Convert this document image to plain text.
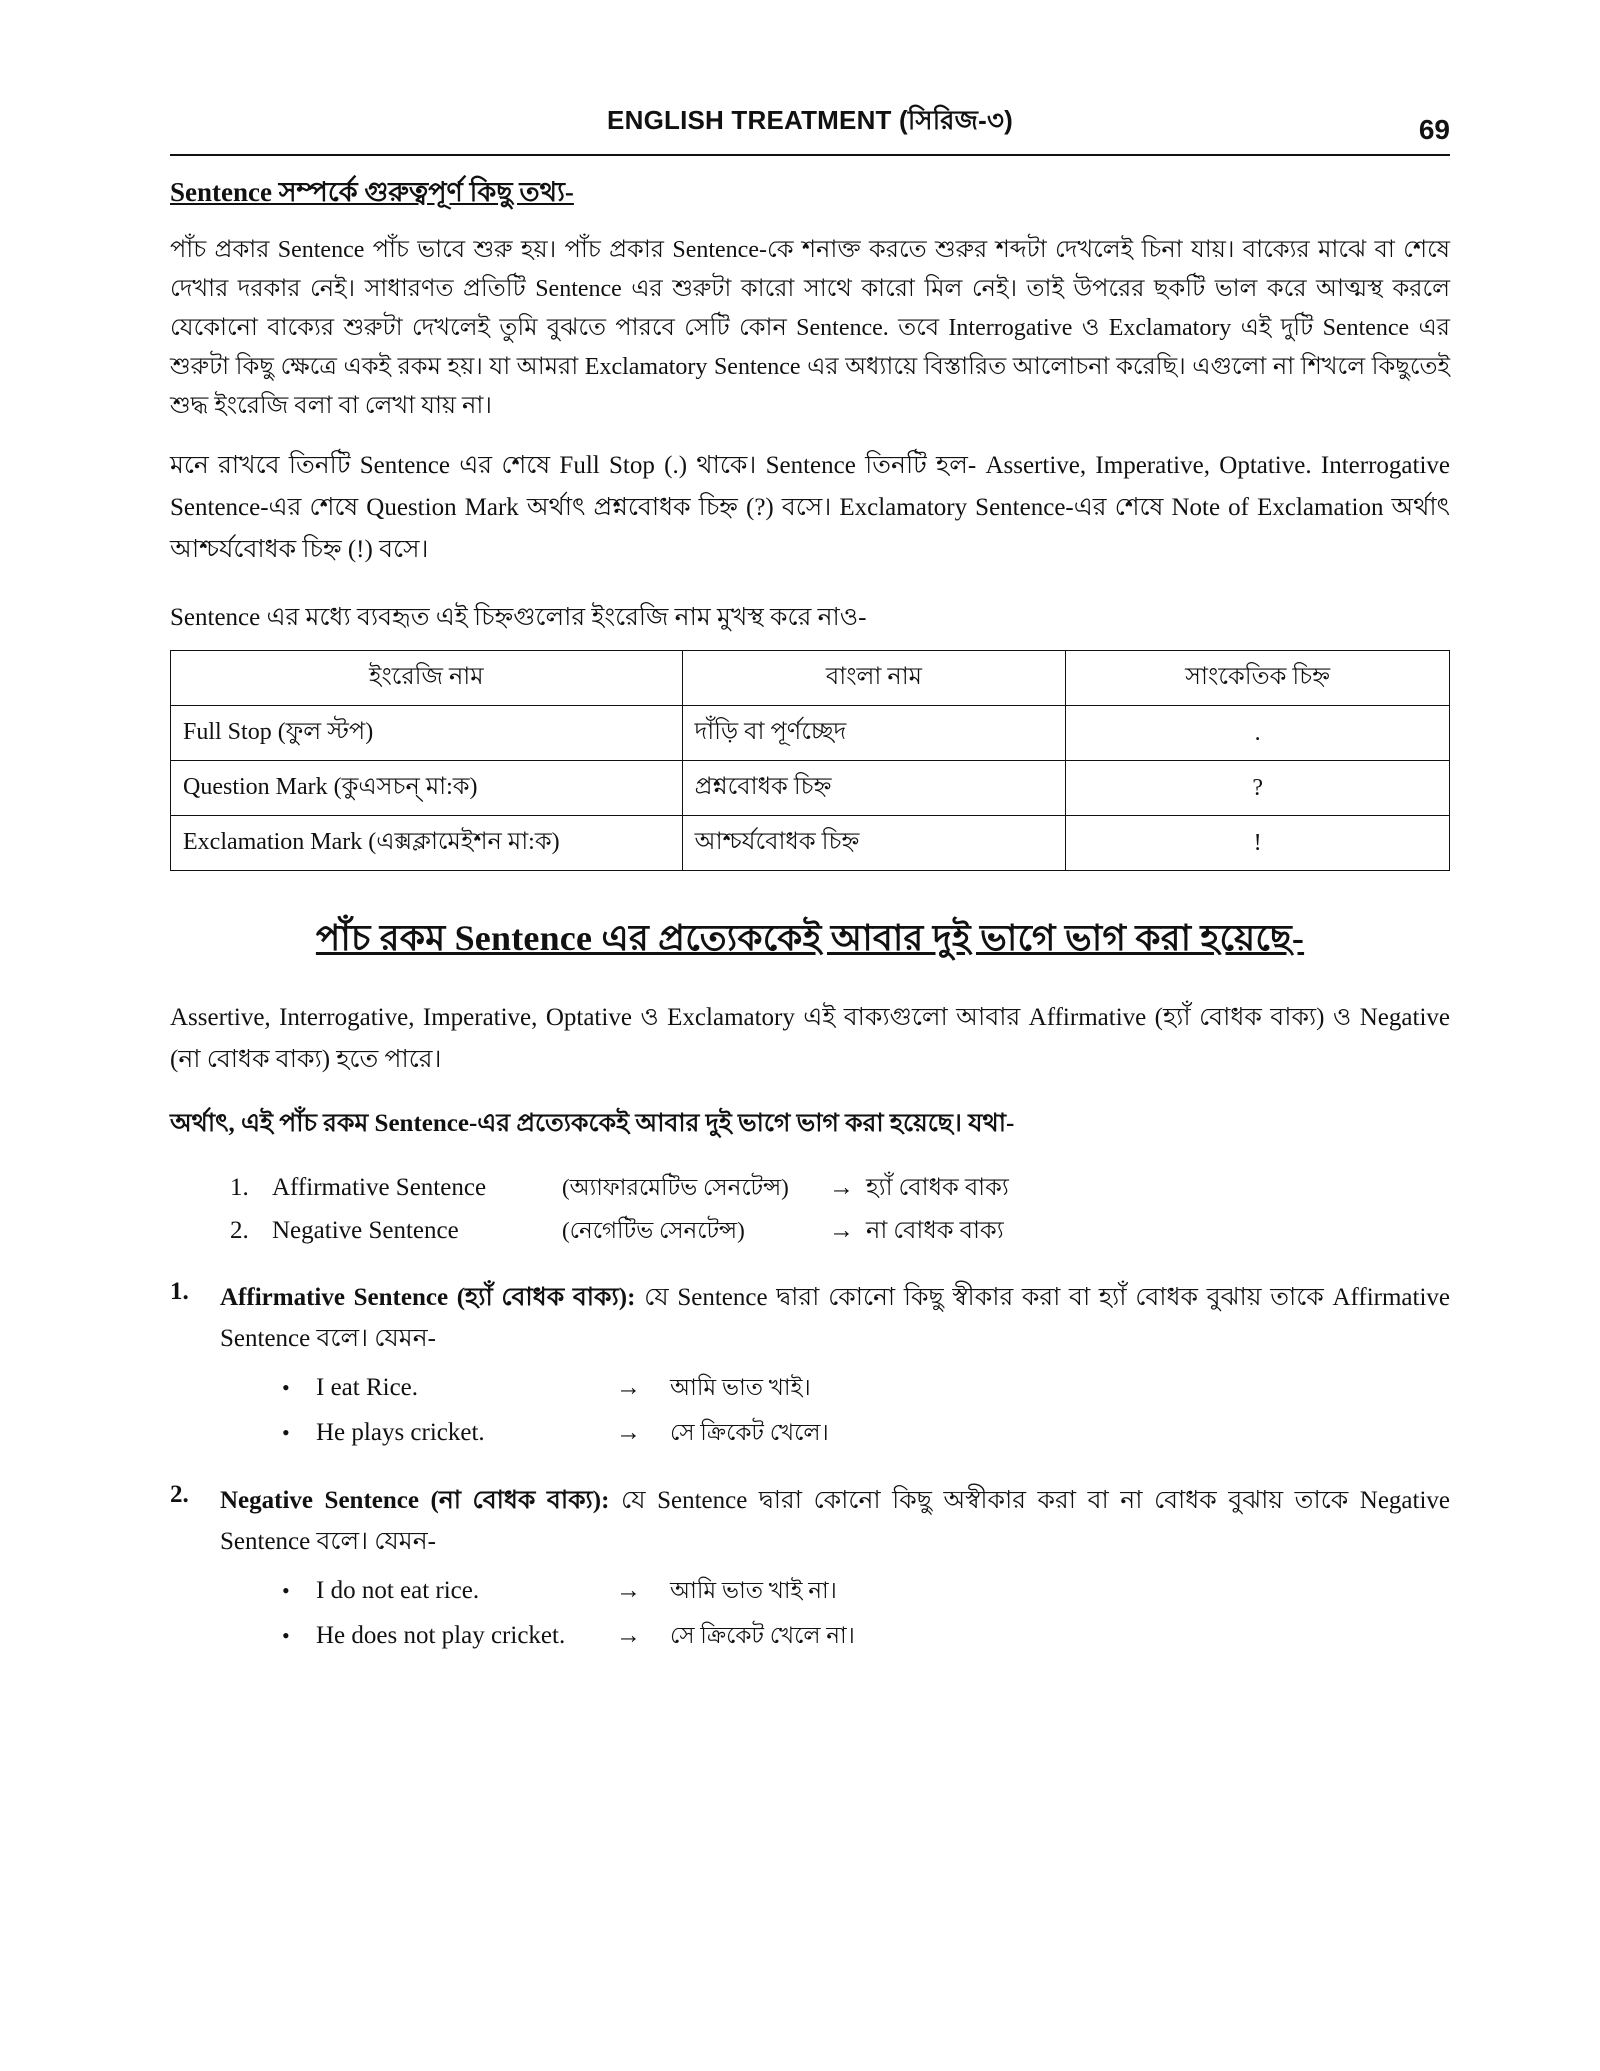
ENGLISH TREATMENT (সিরিজ-৩)	69
Sentence সম্পর্কে গুরুত্বপূর্ণ কিছু তথ্য-

পাঁচ প্রকার Sentence পাঁচ ভাবে শুরু হয়। পাঁচ প্রকার Sentence-কে শনাক্ত করতে শুরুর শব্দটা দেখলেই চিনা যায়। বাক্যের মাঝে বা শেষে দেখার দরকার নেই। সাধারণত প্রতিটি Sentence এর শুরুটা কারো সাথে কারো মিল নেই। তাই উপরের ছকটি ভাল করে আত্মস্থ করলে যেকোনো বাক্যের শুরুটা দেখলেই তুমি বুঝতে পারবে সেটি কোন Sentence. তবে Interrogative ও Exclamatory এই দুটি Sentence এর শুরুটা কিছু ক্ষেত্রে একই রকম হয়। যা আমরা Exclamatory Sentence এর অধ্যায়ে বিস্তারিত আলোচনা করেছি। এগুলো না শিখলে কিছুতেই শুদ্ধ ইংরেজি বলা বা লেখা যায় না।

মনে রাখবে তিনটি Sentence এর শেষে Full Stop (.) থাকে। Sentence তিনটি হল- Assertive, Imperative, Optative. Interrogative Sentence-এর শেষে Question Mark অর্থাৎ প্রশ্নবোধক চিহ্ন (?) বসে। Exclamatory Sentence-এর শেষে Note of Exclamation অর্থাৎ আশ্চর্যবোধক চিহ্ন (!) বসে।

Sentence এর মধ্যে ব্যবহৃত এই চিহ্নগুলোর ইংরেজি নাম মুখস্থ করে নাও-
ইংরেজি নাম	বাংলা নাম	সাংকেতিক চিহ্ন
Full Stop (ফুল স্টপ)	দাঁড়ি বা পূর্ণচ্ছেদ	.
Question Mark (কুএসচন্ মা:ক)	প্রশ্নবোধক চিহ্ন	?
Exclamation Mark (এক্সক্লামেইশন মা:ক)	আশ্চর্যবোধক চিহ্ন	!
পাঁচ রকম Sentence এর প্রত্যেককেই আবার দুই ভাগে ভাগ করা হয়েছে-

Assertive, Interrogative, Imperative, Optative ও Exclamatory এই বাক্যগুলো আবার Affirmative (হ্যাঁ বোধক বাক্য) ও Negative (না বোধক বাক্য) হতে পারে।

অর্থাৎ, এই পাঁচ রকম Sentence-এর প্রত্যেককেই আবার দুই ভাগে ভাগ করা হয়েছে। যথা-

1. Affirmative Sentence	(অ্যাফারমেটিভ সেনটেন্স)	→ হ্যাঁ বোধক বাক্য
2. Negative Sentence	(নেগেটিভ সেনটেন্স)	→ না বোধক বাক্য
1.	Affirmative Sentence (হ্যাঁ বোধক বাক্য): যে Sentence দ্বারা কোনো কিছু স্বীকার করা বা হ্যাঁ বোধক বুঝায় তাকে Affirmative Sentence বলে। যেমন-

•	I eat Rice.	→	আমি ভাত খাই।
•	He plays cricket.	→	সে ক্রিকেট খেলে।
2.	Negative Sentence (না বোধক বাক্য): যে Sentence দ্বারা কোনো কিছু অস্বীকার করা বা না বোধক বুঝায় তাকে Negative Sentence বলে। যেমন-

•	I do not eat rice.	→	আমি ভাত খাই না।
•	He does not play cricket.	→	সে ক্রিকেট খেলে না।
